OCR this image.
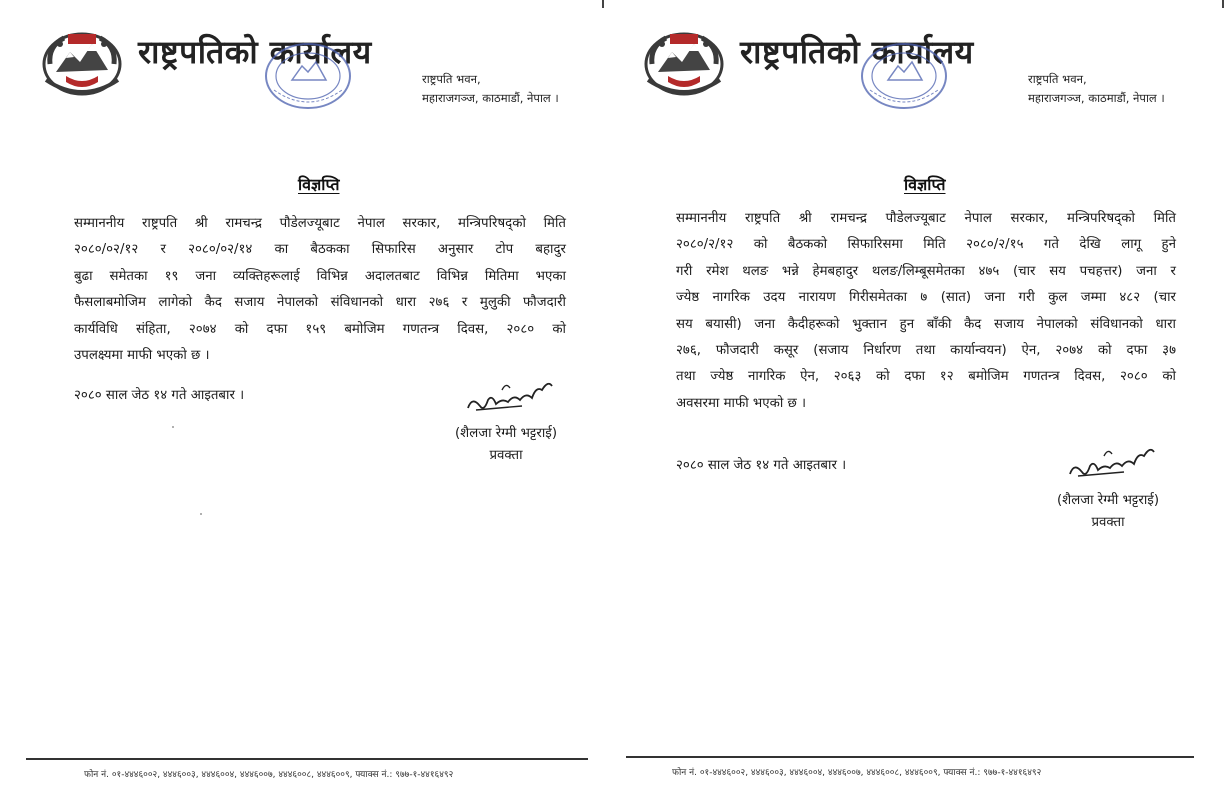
राष्ट्रपतिको कार्यालय
राष्ट्रपति भवन,
महाराजगञ्ज, काठमाडौं, नेपाल ।
विज्ञप्ति
सम्माननीय राष्ट्रपति श्री रामचन्द्र पौडेलज्यूबाट नेपाल सरकार, मन्त्रिपरिषद्को मिति
२०८०/०२/१२ र २०८०/०२/१४ का बैठकका सिफारिस अनुसार टोप बहादुर
बुढा समेतका १९ जना व्यक्तिहरूलाई विभिन्न अदालतबाट विभिन्न मितिमा भएका
फैसलाबमोजिम लागेको कैद सजाय नेपालको संविधानको धारा २७६ र मुलुकी फौजदारी
कार्यविधि संहिता, २०७४ को दफा १५९ बमोजिम गणतन्त्र दिवस, २०८० को
उपलक्ष्यमा माफी भएको छ ।
२०८० साल जेठ १४ गते आइतबार ।
(शैलजा रेग्मी भट्टराई)
प्रवक्ता
फोन नं. ०१-४४४६००२, ४४४६००३, ४४४६००४, ४४४६००७, ४४४६००८, ४४४६००९, फ्याक्स नं.: ९७७-१-४४१६४९२
राष्ट्रपतिको कार्यालय
राष्ट्रपति भवन,
महाराजगञ्ज, काठमाडौं, नेपाल ।
विज्ञप्ति
सम्माननीय राष्ट्रपति श्री रामचन्द्र पौडेलज्यूबाट नेपाल सरकार, मन्त्रिपरिषद्को मिति
२०८०/२/१२ को बैठकको सिफारिसमा मिति २०८०/२/१५ गते देखि लागू हुने
गरी रमेश थलङ भन्ने हेमबहादुर थलङ/लिम्बूसमेतका ४७५ (चार सय पचहत्तर) जना र
ज्येष्ठ नागरिक उदय नारायण गिरीसमेतका ७ (सात) जना गरी कुल जम्मा ४८२ (चार
सय बयासी) जना कैदीहरूको भुक्तान हुन बाँकी कैद सजाय नेपालको संविधानको धारा
२७६, फौजदारी कसूर (सजाय निर्धारण तथा कार्यान्वयन) ऐन, २०७४ को दफा ३७
तथा ज्येष्ठ नागरिक ऐन, २०६३ को दफा १२ बमोजिम गणतन्त्र दिवस, २०८० को
अवसरमा माफी भएको छ ।
२०८० साल जेठ १४ गते आइतबार ।
(शैलजा रेग्मी भट्टराई)
प्रवक्ता
फोन नं. ०१-४४४६००२, ४४४६००३, ४४४६००४, ४४४६००७, ४४४६००८, ४४४६००९, फ्याक्स नं.: ९७७-१-४४१६४९२
